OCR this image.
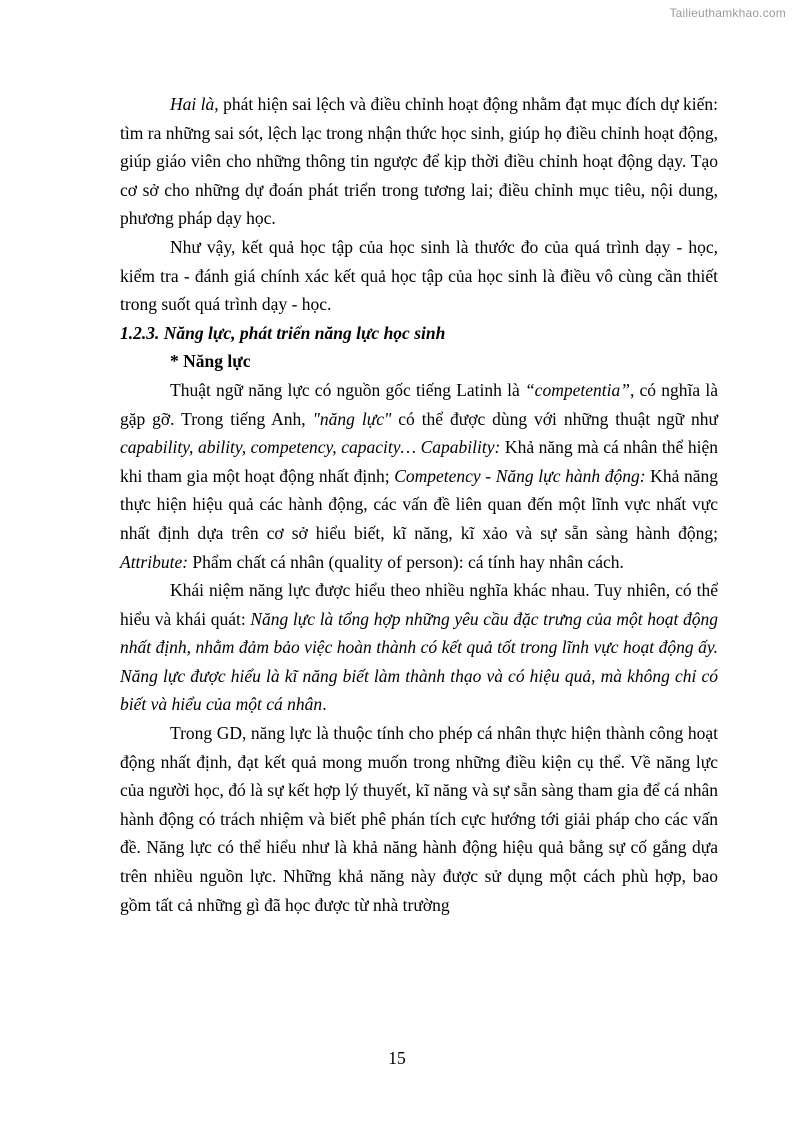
Tailieuthamkhao.com

Hai là, phát hiện sai lệch và điều chỉnh hoạt động nhằm đạt mục đích dự kiến: tìm ra những sai sót, lệch lạc trong nhận thức học sinh, giúp họ điều chỉnh hoạt động, giúp giáo viên cho những thông tin ngược để kịp thời điều chỉnh hoạt động dạy. Tạo cơ sở cho những dự đoán phát triển trong tương lai; điều chỉnh mục tiêu, nội dung, phương pháp dạy học.

Như vậy, kết quả học tập của học sinh là thước đo của quá trình dạy - học, kiểm tra - đánh giá chính xác kết quả học tập của học sinh là điều vô cùng cần thiết trong suốt quá trình dạy - học.

1.2.3. Năng lực, phát triển năng lực học sinh

* Năng lực

Thuật ngữ năng lực có nguồn gốc tiếng Latinh là “competentia”, có nghĩa là gặp gỡ. Trong tiếng Anh, "năng lực" có thể được dùng với những thuật ngữ như capability, ability, competency, capacity… Capability: Khả năng mà cá nhân thể hiện khi tham gia một hoạt động nhất định; Competency - Năng lực hành động: Khả năng thực hiện hiệu quả các hành động, các vấn đề liên quan đến một lĩnh vực nhất vực nhất định dựa trên cơ sở hiểu biết, kĩ năng, kĩ xảo và sự sẵn sàng hành động; Attribute: Phẩm chất cá nhân (quality of person): cá tính hay nhân cách.

Khái niệm năng lực được hiểu theo nhiều nghĩa khác nhau. Tuy nhiên, có thể hiểu và khái quát: Năng lực là tổng hợp những yêu cầu đặc trưng của một hoạt động nhất định, nhằm đảm bảo việc hoàn thành có kết quả tốt trong lĩnh vực hoạt động ấy. Năng lực được hiểu là kĩ năng biết làm thành thạo và có hiệu quả, mà không chỉ có biết và hiểu của một cá nhân.

Trong GD, năng lực là thuộc tính cho phép cá nhân thực hiện thành công hoạt động nhất định, đạt kết quả mong muốn trong những điều kiện cụ thể. Về năng lực của người học, đó là sự kết hợp lý thuyết, kĩ năng và sự sẵn sàng tham gia để cá nhân hành động có trách nhiệm và biết phê phán tích cực hướng tới giải pháp cho các vấn đề. Năng lực có thể hiểu như là khả năng hành động hiệu quả bằng sự cố gắng dựa trên nhiều nguồn lực. Những khả năng này được sử dụng một cách phù hợp, bao gồm tất cả những gì đã học được từ nhà trường

15
